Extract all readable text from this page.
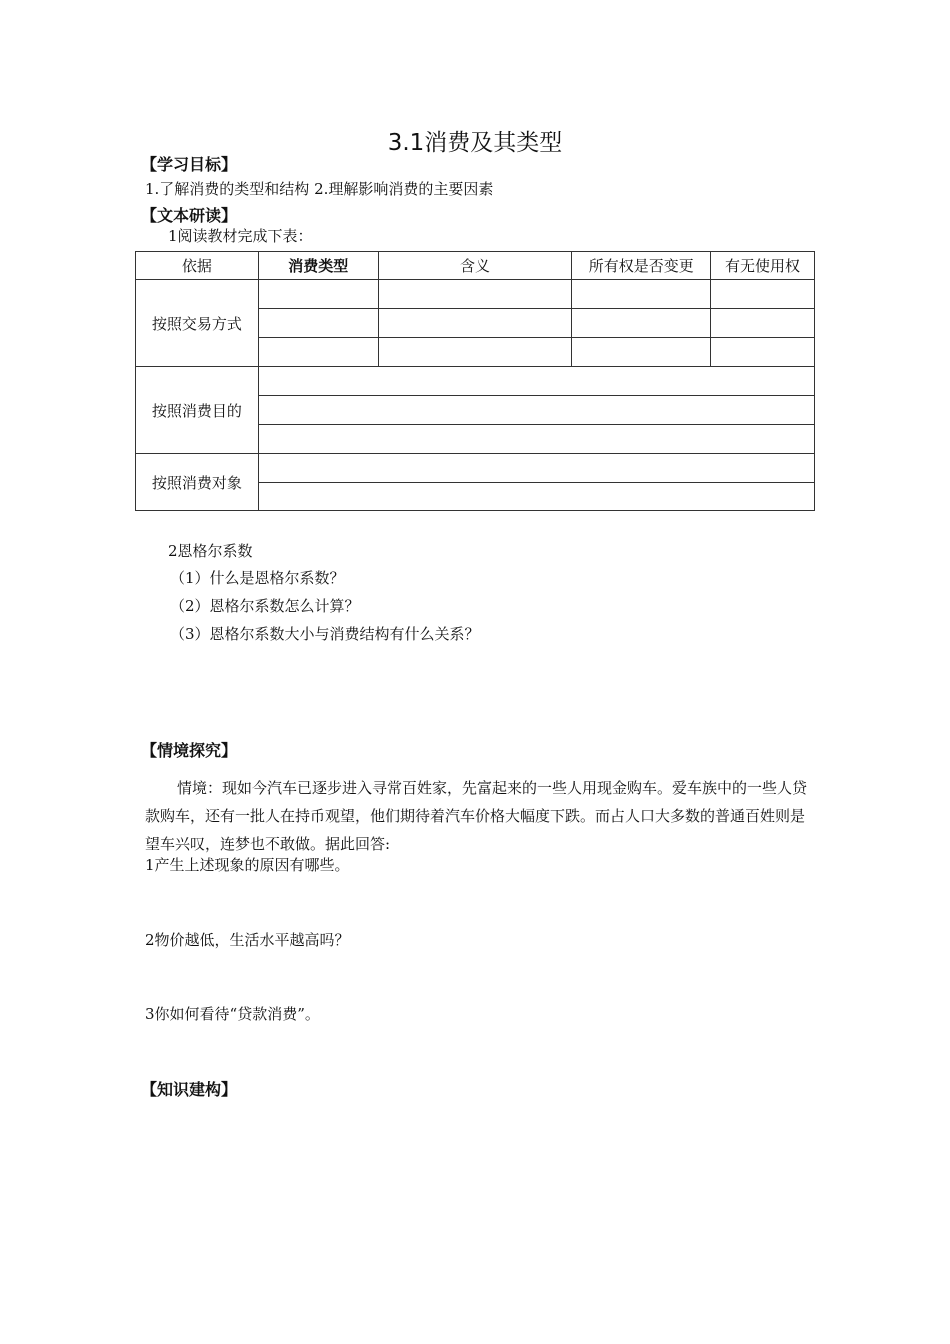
3.1消费及其类型
【学习目标】
1.了解消费的类型和结构 2.理解影响消费的主要因素
【文本研读】
1阅读教材完成下表：
依据	消费类型	含义	所有权是否变更	有无使用权
按照交易方式				

按照消费目的				

按照消费对象				

2恩格尔系数
（1）什么是恩格尔系数？
（2）恩格尔系数怎么计算？
（3）恩格尔系数大小与消费结构有什么关系？
【情境探究】
情境：现如今汽车已逐步进入寻常百姓家，先富起来的一些人用现金购车。爱车族中的一些人贷款购车，还有一批人在持币观望，他们期待着汽车价格大幅度下跌。而占人口大多数的普通百姓则是望车兴叹，连梦也不敢做。据此回答:
1产生上述现象的原因有哪些。
2物价越低，生活水平越高吗？
3你如何看待“贷款消费”。
【知识建构】
